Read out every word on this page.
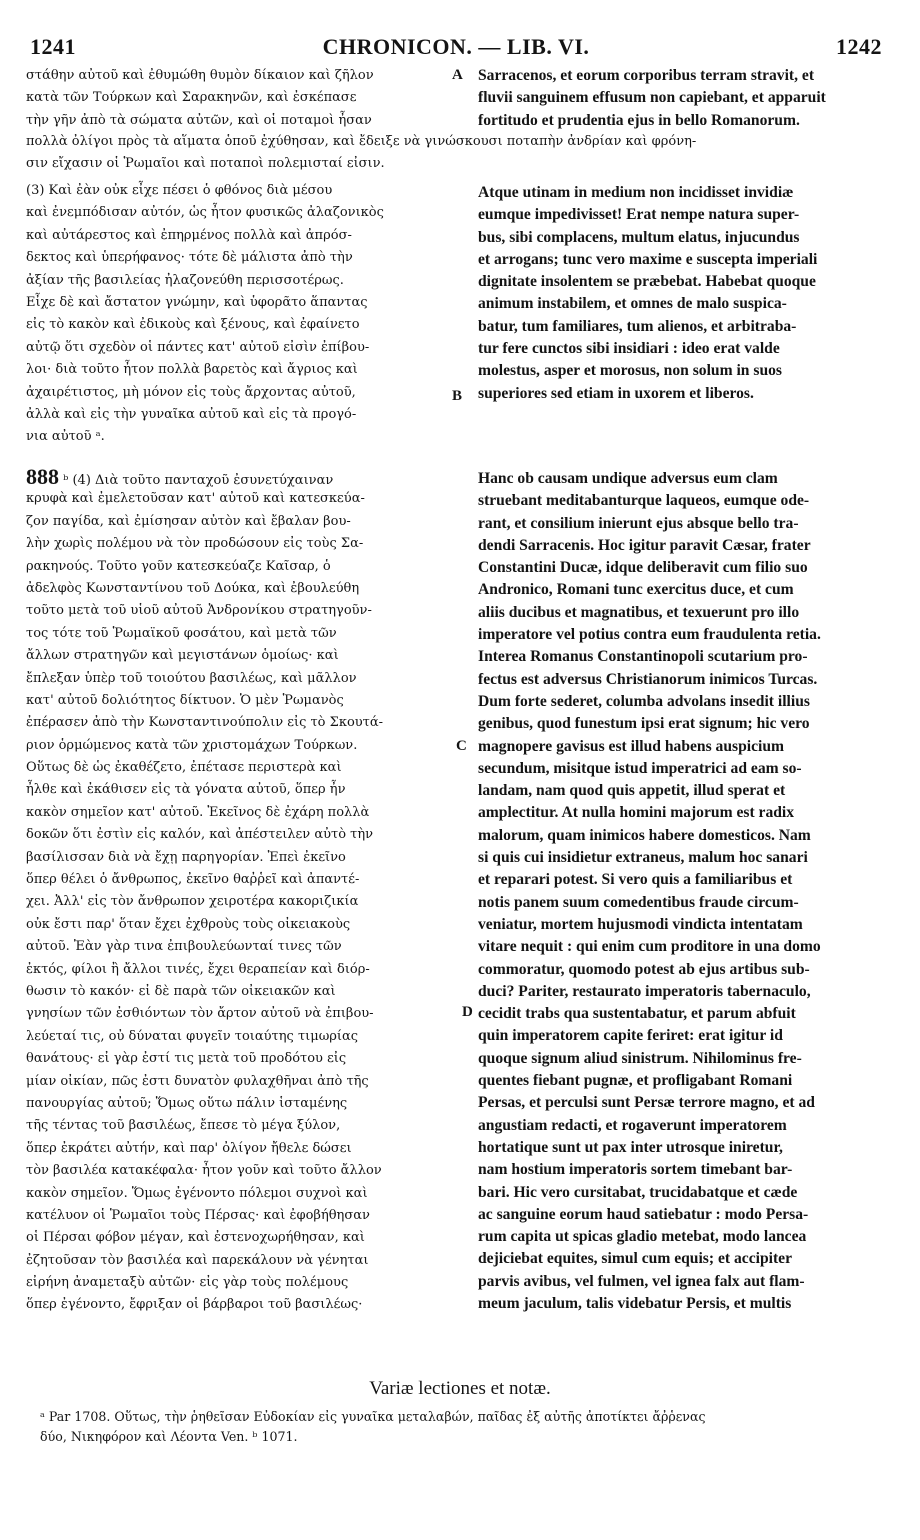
1241	CHRONICON. — LIB. VI.	1242
στάθην αὐτοῦ καὶ ἐθυμώθη θυμὸν δίκαιον καὶ ζῆλον
κατὰ τῶν Τούρκων καὶ Σαρακηνῶν, καὶ ἐσκέπασε
τὴν γῆν ἀπὸ τὰ σώματα αὐτῶν, καὶ οἱ ποταμοὶ ἦσαν
A Sarracenos, et eorum corporibus terram stravit, et
fluvii sanguinem effusum non capiebant, et apparuit
fortitudo et prudentia ejus in bello Romanorum.
πολλὰ ὀλίγοι πρὸς τὰ αἵματα ὁποῦ ἐχύθησαν, καὶ ἔδειξε νὰ γινώσκουσι ποταπὴν ἀνδρίαν καὶ φρόνη-
σιν εἴχασιν οἱ Ῥωμαῖοι καὶ ποταποὶ πολεμισταί εἰσιν.
(3) Καὶ ἐὰν οὐκ εἶχε πέσει ὁ φθόνος διὰ μέσου
καὶ ἐνεμπόδισαν αὐτόν, ὡς ἦτον φυσικῶς ἀλαζονικὸς
καὶ αὐτάρεστος καὶ ἐπηρμένος πολλὰ καὶ ἀπρόσ-
δεκτος καὶ ὑπερήφανος· τότε δὲ μάλιστα ἀπὸ τὴν
ἀξίαν τῆς βασιλείας ἠλαζονεύθη περισσοτέρως.
Εἶχε δὲ καὶ ἄστατον γνώμην, καὶ ὑφορᾶτο ἅπαντας
εἰς τὸ κακὸν καὶ ἐδικοὺς καὶ ξένους, καὶ ἐφαίνετο
αὐτῷ ὅτι σχεδὸν οἱ πάντες κατ' αὐτοῦ εἰσὶν ἐπίβου-
λοι· διὰ τοῦτο ἦτον πολλὰ βαρετὸς καὶ ἄγριος καὶ
ἀχαιρέτιστος, μὴ μόνον εἰς τοὺς ἄρχοντας αὐτοῦ,
ἀλλὰ καὶ εἰς τὴν γυναῖκα αὐτοῦ καὶ εἰς τὰ προγό-
νια αὐτοῦ ᵃ.
Atque utinam in medium non incidisset invidiæ
eumque impedivisset! Erat nempe natura super-
bus, sibi complacens, multum elatus, injucundus
et arrogans; tunc vero maxime e suscepta imperiali
dignitate insolentem se præbebat. Habebat quoque
animum instabilem, et omnes de malo suspica-
batur, tum familiares, tum alienos, et arbitraba-
tur fere cunctos sibi insidiari : ideo erat valde
molestus, asper et morosus, non solum in suos
superiores sed etiam in uxorem et liberos.
B
888 ᵇ (4) Διὰ τοῦτο πανταχοῦ ἐσυνετύχαιναν
κρυφὰ καὶ ἐμελετοῦσαν κατ' αὐτοῦ καὶ κατεσκεύα-
ζον παγίδα, καὶ ἐμίσησαν αὐτὸν καὶ ἔβαλαν βου-
λὴν χωρὶς πολέμου νὰ τὸν προδώσουν εἰς τοὺς Σα-
ρακηνούς. Τοῦτο γοῦν κατεσκεύαζε Καῖσαρ, ὁ
ἀδελφὸς Κωνσταντίνου τοῦ Δούκα, καὶ ἐβουλεύθη
τοῦτο μετὰ τοῦ υἱοῦ αὐτοῦ Ἀνδρονίκου στρατηγοῦν-
τος τότε τοῦ Ῥωμαϊκοῦ φοσάτου, καὶ μετὰ τῶν
ἄλλων στρατηγῶν καὶ μεγιστάνων ὁμοίως· καὶ
ἔπλεξαν ὑπὲρ τοῦ τοιούτου βασιλέως, καὶ μᾶλλον
κατ' αὐτοῦ δολιότητος δίκτυον. Ὁ μὲν Ῥωμανὸς
ἐπέρασεν ἀπὸ τὴν Κωνσταντινούπολιν εἰς τὸ Σκουτά-
ριον ὁρμώμενος κατὰ τῶν χριστομάχων Τούρκων.
Οὕτως δὲ ὡς ἐκαθέζετο, ἐπέτασε περιστερὰ καὶ
ἦλθε καὶ ἐκάθισεν εἰς τὰ γόνατα αὐτοῦ, ὅπερ ἦν
κακὸν σημεῖον κατ' αὐτοῦ. Ἐκεῖνος δὲ ἐχάρη πολλὰ
δοκῶν ὅτι ἐστὶν εἰς καλόν, καὶ ἀπέστειλεν αὐτὸ τὴν
βασίλισσαν διὰ νὰ ἔχῃ παρηγορίαν. Ἐπεὶ ἐκεῖνο
ὅπερ θέλει ὁ ἄνθρωπος, ἐκεῖνο θαῤῥεῖ καὶ ἀπαντέ-
χει. Ἀλλ' εἰς τὸν ἄνθρωπον χειροτέρα κακοριζικία
οὐκ ἔστι παρ' ὅταν ἔχει ἐχθροὺς τοὺς οἰκειακοὺς
αὐτοῦ. Ἐὰν γὰρ τινα ἐπιβουλεύωνταί τινες τῶν
ἐκτός, φίλοι ἢ ἄλλοι τινές, ἔχει θεραπείαν καὶ διόρ-
θωσιν τὸ κακόν· εἰ δὲ παρὰ τῶν οἰκειακῶν καὶ
γνησίων τῶν ἐσθιόντων τὸν ἄρτον αὐτοῦ νὰ ἐπιβου-
λεύεταί τις, οὐ δύναται φυγεῖν τοιαύτης τιμωρίας
θανάτους· εἰ γὰρ ἐστί τις μετὰ τοῦ προδότου εἰς
μίαν οἰκίαν, πῶς ἐστι δυνατὸν φυλαχθῆναι ἀπὸ τῆς
πανουργίας αὐτοῦ; Ὅμως οὕτω πάλιν ἱσταμένης
τῆς τέντας τοῦ βασιλέως, ἔπεσε τὸ μέγα ξύλον,
ὅπερ ἐκράτει αὐτήν, καὶ παρ' ὀλίγον ἤθελε δώσει
τὸν βασιλέα κατακέφαλα· ἦτον γοῦν καὶ τοῦτο ἄλλον
κακὸν σημεῖον. Ὅμως ἐγένοντο πόλεμοι συχνοὶ καὶ
κατέλυον οἱ Ῥωμαῖοι τοὺς Πέρσας· καὶ ἐφοβήθησαν
οἱ Πέρσαι φόβον μέγαν, καὶ ἐστενοχωρήθησαν, καὶ
ἐζητοῦσαν τὸν βασιλέα καὶ παρεκάλουν νὰ γένηται
εἰρήνη ἀναμεταξὺ αὐτῶν· εἰς γὰρ τοὺς πολέμους
ὅπερ ἐγένοντο, ἔφριξαν οἱ βάρβαροι τοῦ βασιλέως·
Hanc ob causam undique adversus eum clam
struebant meditabanturque laqueos, eumque ode-
rant, et consilium inierunt ejus absque bello tra-
dendi Sarracenis. Hoc igitur paravit Cæsar, frater
Constantini Ducæ, idque deliberavit cum filio suo
Andronico, Romani tunc exercitus duce, et cum
aliis ducibus et magnatibus, et texuerunt pro illo
imperatore vel potius contra eum fraudulenta retia.
Interea Romanus Constantinopoli scutarium pro-
fectus est adversus Christianorum inimicos Turcas.
Dum forte sederet, columba advolans insedit illius
genibus, quod funestum ipsi erat signum; hic vero
magnopere gavisus est illud habens auspicium
secundum, misitque istud imperatrici ad eam so-
landam, nam quod quis appetit, illud sperat et
amplectitur. At nulla homini majorum est radix
malorum, quam inimicos habere domesticos. Nam
si quis cui insidietur extraneus, malum hoc sanari
et reparari potest. Si vero quis a familiaribus et
notis panem suum comedentibus fraude circum-
veniatur, mortem hujusmodi vindicta intentatam
vitare nequit : qui enim cum proditore in una domo
commoratur, quomodo potest ab ejus artibus sub-
duci? Pariter, restaurato imperatoris tabernaculo,
cecidit trabs qua sustentabatur, et parum abfuit
quin imperatorem capite feriret: erat igitur id
quoque signum aliud sinistrum. Nihilominus fre-
quentes fiebant pugnæ, et profligabant Romani
Persas, et perculsi sunt Persæ terrore magno, et ad
angustiam redacti, et rogaverunt imperatorem
hortatique sunt ut pax inter utrosque iniretur,
nam hostium imperatoris sortem timebant bar-
bari. Hic vero cursitabat, trucidabatque et cæde
ac sanguine eorum haud satiebatur : modo Persa-
rum capita ut spicas gladio metebat, modo lancea
dejiciebat equites, simul cum equis; et accipiter
parvis avibus, vel fulmen, vel ignea falx aut flam-
meum jaculum, talis videbatur Persis, et multis
C
D
Variæ lectiones et notæ.
ᵃ Par 1708. Οὕτως, τὴν ῥηθεῖσαν Εὐδοκίαν εἰς γυναῖκα μεταλαβών, παῖδας ἐξ αὐτῆς ἀποτίκτει ἄῤῥενας
δύο, Νικηφόρον καὶ Λέοντα Ven. ᵇ 1071.
